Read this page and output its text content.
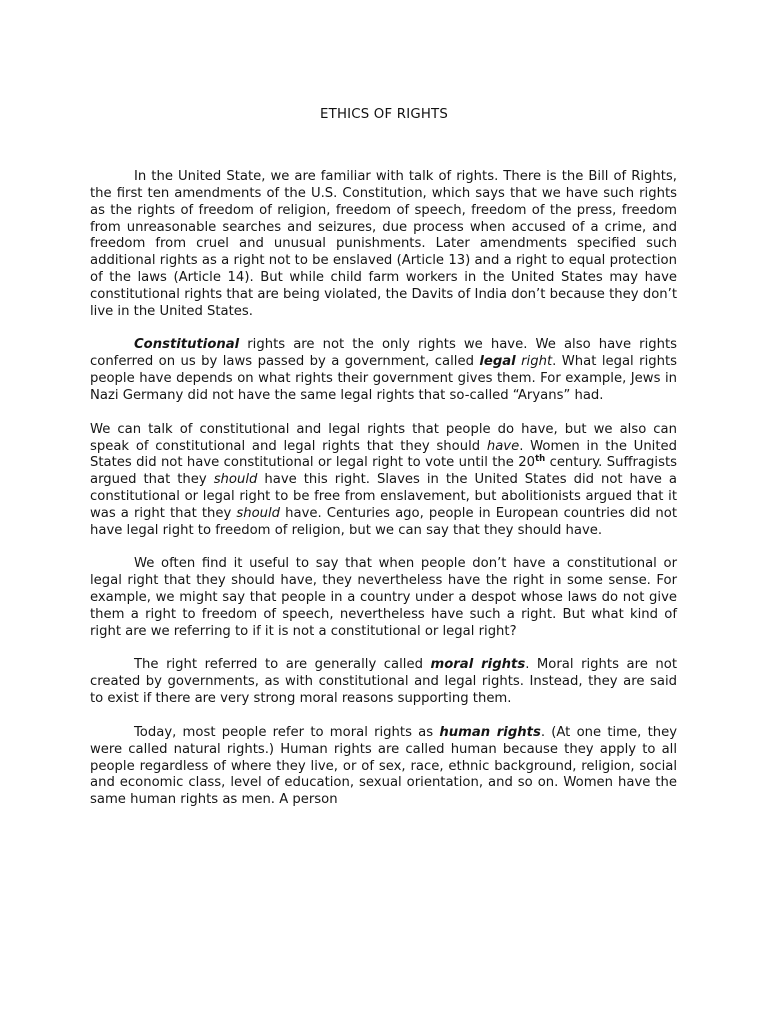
ETHICS OF RIGHTS

In the United State, we are familiar with talk of rights. There is the Bill of Rights, the first ten amendments of the U.S. Constitution, which says that we have such rights as the rights of freedom of religion, freedom of speech, freedom of the press, freedom from unreasonable searches and seizures, due process when accused of a crime, and freedom from cruel and unusual punishments. Later amendments specified such additional rights as a right not to be enslaved (Article 13) and a right to equal protection of the laws (Article 14). But while child farm workers in the United States may have constitutional rights that are being violated, the Davits of India don’t because they don’t live in the United States.

Constitutional rights are not the only rights we have. We also have rights conferred on us by laws passed by a government, called legal right. What legal rights people have depends on what rights their government gives them. For example, Jews in Nazi Germany did not have the same legal rights that so-called “Aryans” had.

We can talk of constitutional and legal rights that people do have, but we also can speak of constitutional and legal rights that they should have. Women in the United States did not have constitutional or legal right to vote until the 20th century. Suffragists argued that they should have this right. Slaves in the United States did not have a constitutional or legal right to be free from enslavement, but abolitionists argued that it was a right that they should have. Centuries ago, people in European countries did not have legal right to freedom of religion, but we can say that they should have.

We often find it useful to say that when people don’t have a constitutional or legal right that they should have, they nevertheless have the right in some sense. For example, we might say that people in a country under a despot whose laws do not give them a right to freedom of speech, nevertheless have such a right. But what kind of right are we referring to if it is not a constitutional or legal right?

The right referred to are generally called moral rights. Moral rights are not created by governments, as with constitutional and legal rights. Instead, they are said to exist if there are very strong moral reasons supporting them.

Today, most people refer to moral rights as human rights. (At one time, they were called natural rights.) Human rights are called human because they apply to all people regardless of where they live, or of sex, race, ethnic background, religion, social and economic class, level of education, sexual orientation, and so on. Women have the same human rights as men. A person
